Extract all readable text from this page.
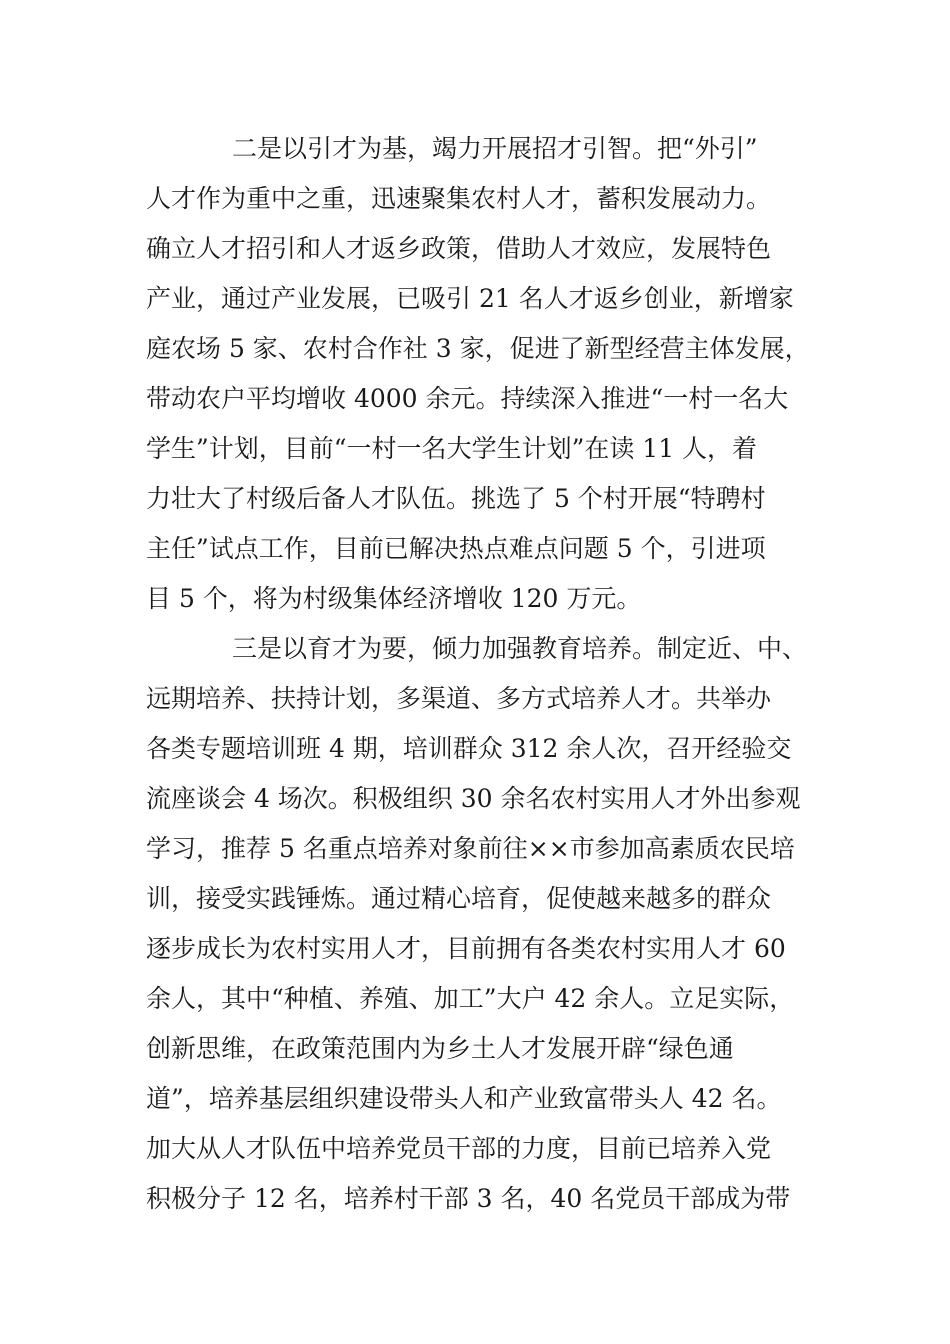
二是以引才为基，竭力开展招才引智。把“外引”
人才作为重中之重，迅速聚集农村人才，蓄积发展动力。
确立人才招引和人才返乡政策，借助人才效应，发展特色
产业，通过产业发展，已吸引 21 名人才返乡创业，新增家
庭农场 5 家、农村合作社 3 家，促进了新型经营主体发展，
带动农户平均增收 4000 余元。持续深入推进“一村一名大
学生”计划，目前“一村一名大学生计划”在读 11 人，着
力壮大了村级后备人才队伍。挑选了 5 个村开展“特聘村
主任”试点工作，目前已解决热点难点问题 5 个，引进项
目 5 个，将为村级集体经济增收 120 万元。
三是以育才为要，倾力加强教育培养。制定近、中、
远期培养、扶持计划，多渠道、多方式培养人才。共举办
各类专题培训班 4 期，培训群众 312 余人次，召开经验交
流座谈会 4 场次。积极组织 30 余名农村实用人才外出参观
学习，推荐 5 名重点培养对象前往××市参加高素质农民培
训，接受实践锤炼。通过精心培育，促使越来越多的群众
逐步成长为农村实用人才，目前拥有各类农村实用人才 60
余人，其中“种植、养殖、加工”大户 42 余人。立足实际，
创新思维，在政策范围内为乡土人才发展开辟“绿色通
道”，培养基层组织建设带头人和产业致富带头人 42 名。
加大从人才队伍中培养党员干部的力度，目前已培养入党
积极分子 12 名，培养村干部 3 名，40 名党员干部成为带
